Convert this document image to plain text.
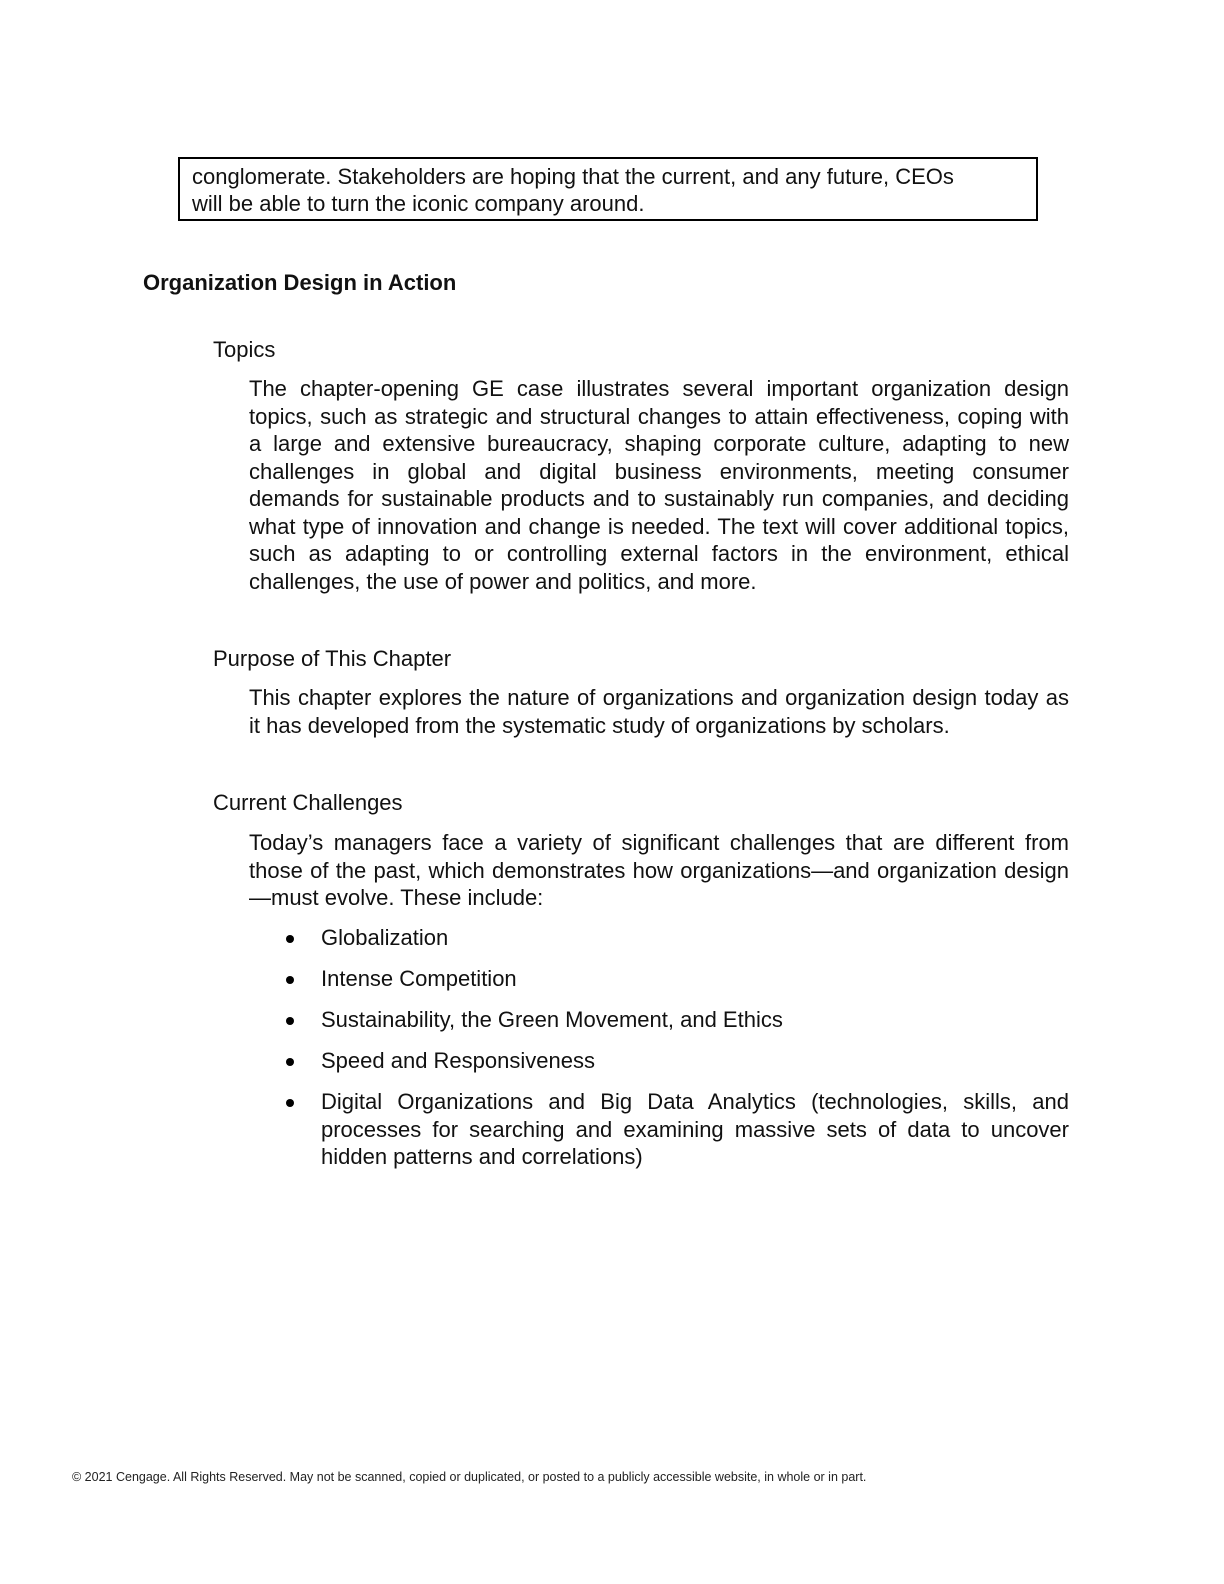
conglomerate. Stakeholders are hoping that the current, and any future, CEOs
will be able to turn the iconic company around.
Organization Design in Action
Topics
The chapter-opening GE case illustrates several important organization design topics, such as strategic and structural changes to attain effectiveness, coping with a large and extensive bureaucracy, shaping corporate culture, adapting to new challenges in global and digital business environments, meeting consumer demands for sustainable products and to sustainably run companies, and deciding what type of innovation and change is needed. The text will cover additional topics, such as adapting to or controlling external factors in the environment, ethical challenges, the use of power and politics, and more.
Purpose of This Chapter
This chapter explores the nature of organizations and organization design today as it has developed from the systematic study of organizations by scholars.
Current Challenges
Today’s managers face a variety of significant challenges that are different from those of the past, which demonstrates how organizations—and organization design—must evolve. These include:
Globalization
Intense Competition
Sustainability, the Green Movement, and Ethics
Speed and Responsiveness
Digital Organizations and Big Data Analytics (technologies, skills, and processes for searching and examining massive sets of data to uncover hidden patterns and correlations)
© 2021 Cengage. All Rights Reserved. May not be scanned, copied or duplicated, or posted to a publicly accessible website, in whole or in part.
